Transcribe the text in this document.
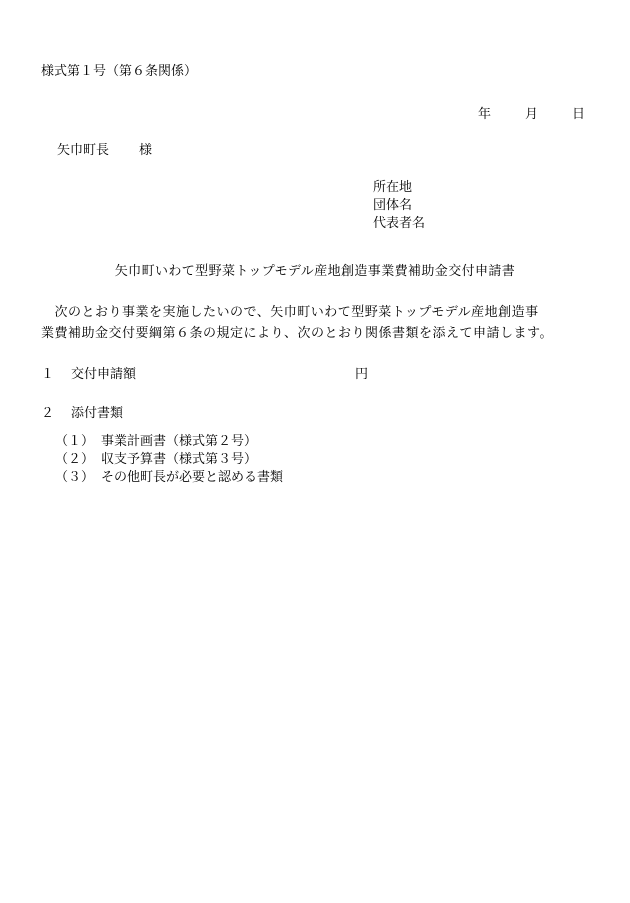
様式第１号（第６条関係）
年	月	日
矢巾町長 様
所在地
団体名
代表者名
矢巾町いわて型野菜トップモデル産地創造事業費補助金交付申請書
　次のとおり事業を実施したいので、矢巾町いわて型野菜トップモデル産地創造事
業費補助金交付要綱第６条の規定により、次のとおり関係書類を添えて申請します。
１ 交付申請額	円
２ 添付書類
（１） 事業計画書（様式第２号）
（２） 収支予算書（様式第３号）
（３） その他町長が必要と認める書類
